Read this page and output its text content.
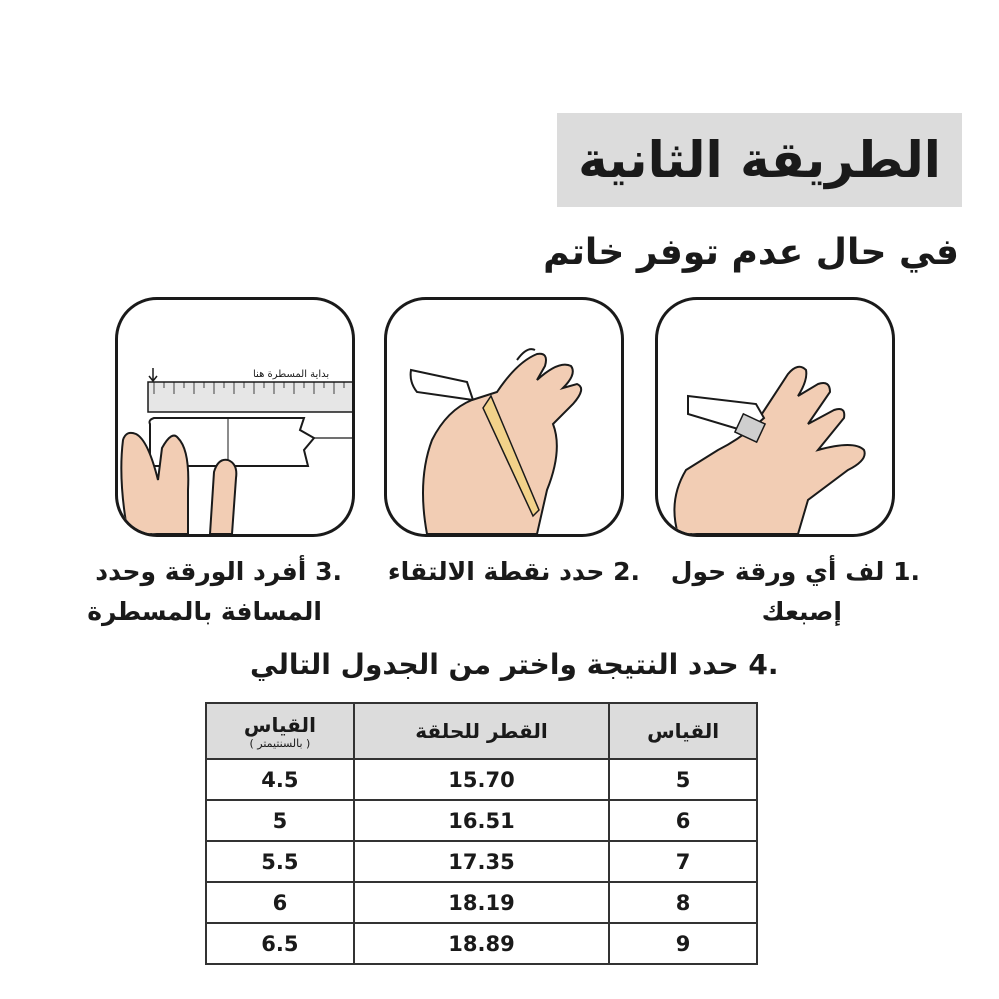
الطريقة الثانية
في حال عدم توفر خاتم
بداية المسطرة هنا
1. لف أي ورقة حول
إصبعك
2. حدد نقطة الالتقاء
3. أفرد الورقة وحدد
المسافة بالمسطرة
4. حدد النتيجة واختر من الجدول التالي
القياس
( بالسنتيمتر )	القطر للحلقة	القياس
4.5	15.70	5
5	16.51	6
5.5	17.35	7
6	18.19	8
6.5	18.89	9
